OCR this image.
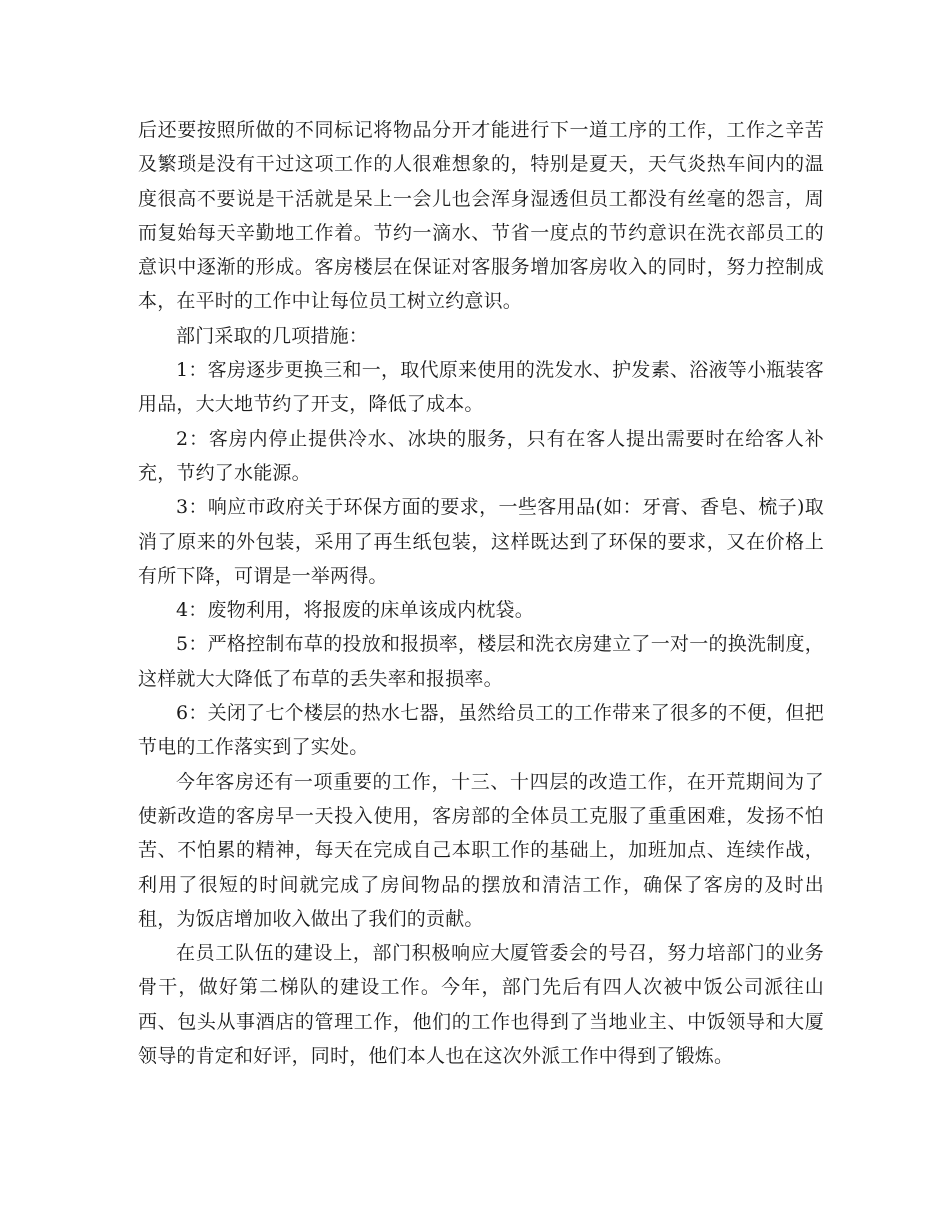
后还要按照所做的不同标记将物品分开才能进行下一道工序的工作，工作之辛苦及繁琐是没有干过这项工作的人很难想象的，特别是夏天，天气炎热车间内的温度很高不要说是干活就是呆上一会儿也会浑身湿透但员工都没有丝毫的怨言，周而复始每天辛勤地工作着。节约一滴水、节省一度点的节约意识在洗衣部员工的意识中逐渐的形成。客房楼层在保证对客服务增加客房收入的同时，努力控制成本，在平时的工作中让每位员工树立约意识。

部门采取的几项措施：

1：客房逐步更换三和一，取代原来使用的洗发水、护发素、浴液等小瓶装客用品，大大地节约了开支，降低了成本。

2：客房内停止提供冷水、冰块的服务，只有在客人提出需要时在给客人补充，节约了水能源。

3：响应市政府关于环保方面的要求，一些客用品(如：牙膏、香皂、梳子)取消了原来的外包装，采用了再生纸包装，这样既达到了环保的要求，又在价格上有所下降，可谓是一举两得。

4：废物利用，将报废的床单该成内枕袋。

5：严格控制布草的投放和报损率，楼层和洗衣房建立了一对一的换洗制度，这样就大大降低了布草的丢失率和报损率。

6：关闭了七个楼层的热水七器，虽然给员工的工作带来了很多的不便，但把节电的工作落实到了实处。

今年客房还有一项重要的工作，十三、十四层的改造工作，在开荒期间为了使新改造的客房早一天投入使用，客房部的全体员工克服了重重困难，发扬不怕苦、不怕累的精神，每天在完成自己本职工作的基础上，加班加点、连续作战，利用了很短的时间就完成了房间物品的摆放和清洁工作，确保了客房的及时出租，为饭店增加收入做出了我们的贡献。

在员工队伍的建设上，部门积极响应大厦管委会的号召，努力培部门的业务骨干，做好第二梯队的建设工作。今年，部门先后有四人次被中饭公司派往山西、包头从事酒店的管理工作，他们的工作也得到了当地业主、中饭领导和大厦领导的肯定和好评，同时，他们本人也在这次外派工作中得到了锻炼。
